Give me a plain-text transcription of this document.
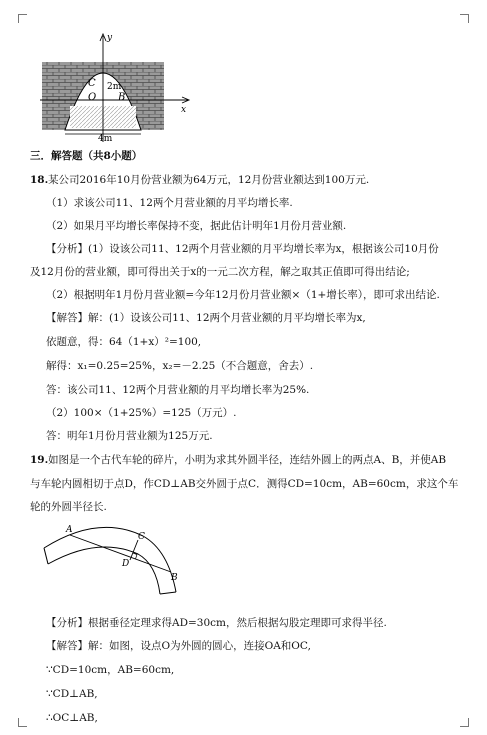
y
x
C
O B
2m
4m
三．解答题（共8小题）
18. 某公司2016年10月份营业额为64万元，12月份营业额达到100万元.
（1）求该公司11、12两个月营业额的月平均增长率.
（2）如果月平均增长率保持不变，据此估计明年1月份月营业额.
【分析】(1）设该公司11、12两个月营业额的月平均增长率为x，根据该公司10月份
及12月份的营业额，即可得出关于x的一元二次方程，解之取其正值即可得出结论;
（2）根据明年1月份月营业额=今年12月份月营业额×（1+增长率），即可求出结论.
【解答】解：(1）设该公司11、12两个月营业额的月平均增长率为x,
依题意，得：64（1+x）²=100,
解得：x₁=0.25=25%，x₂=－2.25（不合题意，舍去）.
答：该公司11、12两个月营业额的月平均增长率为25%.
（2）100×（1+25%）=125（万元）.
答：明年1月份月营业额为125万元.
19. 如图是一个古代车轮的碎片，小明为求其外圆半径，连结外圆上的两点A、B，并使AB
与车轮内圆相切于点D，作CD⊥AB交外圆于点C．测得CD=10cm，AB=60cm，求这个车
轮的外圆半径长.
A
C
D
B
【分析】根据垂径定理求得AD=30cm，然后根据勾股定理即可求得半径.
【解答】解：如图，设点O为外圆的圆心，连接OA和OC,
∵CD=10cm，AB=60cm,
∵CD⊥AB,
∴OC⊥AB,
